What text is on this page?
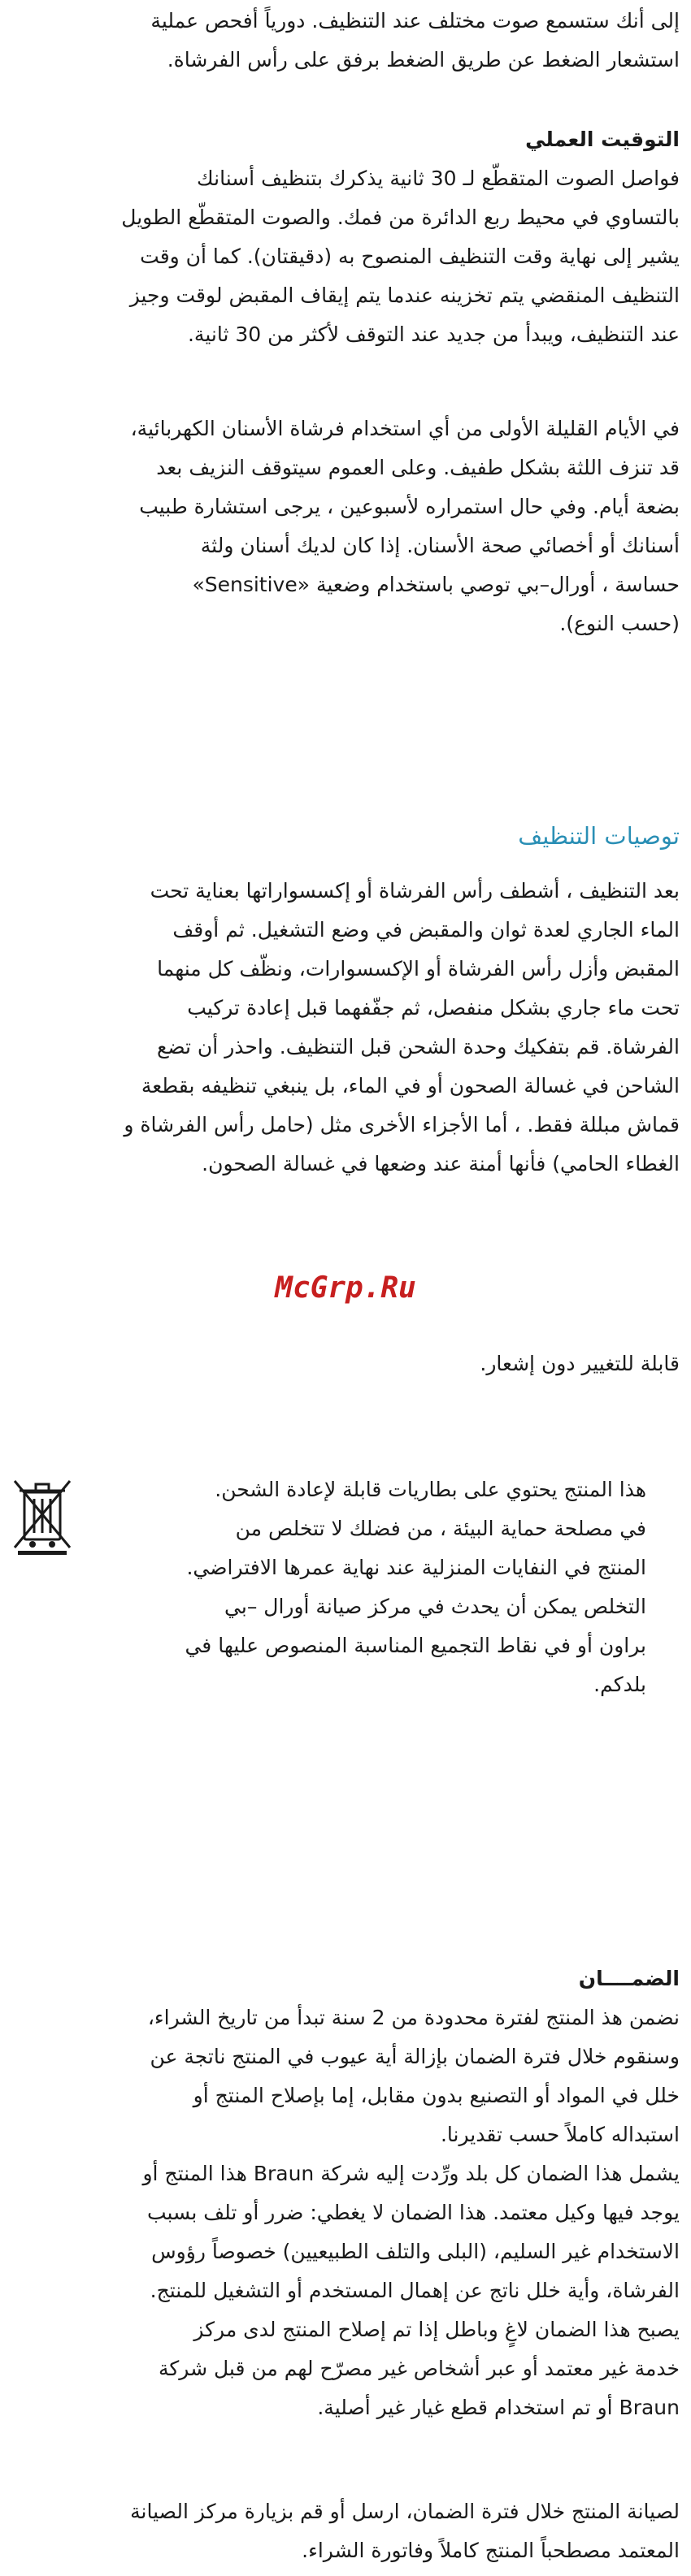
إلى أنك ستسمع صوت مختلف عند التنظيف. دورياً أفحص عملية

استشعار الضغط عن طريق الضغط برفق على رأس الفرشاة.

التوقيت العملي

فواصل الصوت المتقطّع لـ 30 ثانية يذكرك بتنظيف أسنانك

بالتساوي في محيط ربع الدائرة من فمك. والصوت المتقطّع الطويل

يشير إلى نهاية وقت التنظيف المنصوح به (دقيقتان). كما أن وقت

التنظيف المنقضي يتم تخزينه عندما يتم إيقاف المقبض لوقت وجيز

عند التنظيف، ويبدأ من جديد عند التوقف لأكثر من 30 ثانية.

في الأيام القليلة الأولى من أي استخدام فرشاة الأسنان الكهربائية،

قد تنزف اللثة بشكل طفيف. وعلى العموم سيتوقف النزيف بعد

بضعة أيام. وفي حال استمراره لأسبوعين ، يرجى استشارة طبيب

أسنانك أو أخصائي صحة الأسنان. إذا كان لديك أسنان ولثة

حساسة ، أورال–بي توصي باستخدام وضعية «Sensitive»

(حسب النوع).

توصيات التنظيف

بعد التنظيف ، أشطف رأس الفرشاة أو إكسسواراتها بعناية تحت

الماء الجاري لعدة ثوان والمقبض في وضع التشغيل. ثم أوقف

المقبض وأزل رأس الفرشاة أو الإكسسوارات، ونظّف كل منهما

تحت ماء جاري بشكل منفصل، ثم جفّفهما قبل إعادة تركيب

الفرشاة. قم بتفكيك وحدة الشحن قبل التنظيف. واحذر أن تضع

الشاحن في غسالة الصحون أو في الماء، بل ينبغي تنظيفه بقطعة

قماش مبللة فقط. ، أما الأجزاء الأخرى مثل (حامل رأس الفرشاة و

الغطاء الحامي) فأنها أمنة عند وضعها في غسالة الصحون.

McGrp.Ru

قابلة للتغيير دون إشعار.

هذا المنتج يحتوي على بطاريات قابلة لإعادة الشحن.

في مصلحة حماية البيئة ، من فضلك لا تتخلص من

المنتج في النفايات المنزلية عند نهاية عمرها الافتراضي.

التخلص يمكن أن يحدث في مركز صيانة أورال –بي

براون أو في نقاط التجميع المناسبة المنصوص عليها في

بلدكم.

الضمــــان

نضمن هذ المنتج لفترة محدودة من 2 سنة تبدأ من تاريخ الشراء،

وسنقوم خلال فترة الضمان بإزالة أية عيوب في المنتج ناتجة عن

خلل في المواد أو التصنيع بدون مقابل، إما بإصلاح المنتج أو

استبداله كاملاً حسب تقديرنا.

يشمل هذا الضمان كل بلد ورِّدت إليه شركة Braun هذا المنتج أو

يوجد فيها وكيل معتمد. هذا الضمان لا يغطي: ضرر أو تلف بسبب

الاستخدام غير السليم، (البلى والتلف الطبيعيين) خصوصاً رؤوس

الفرشاة، وأية خلل ناتج عن إهمال المستخدم أو التشغيل للمنتج.

يصبح هذا الضمان لاغٍ وباطل إذا تم إصلاح المنتج لدى مركز

خدمة غير معتمد أو عبر أشخاص غير مصرّح لهم من قبل شركة

Braun أو تم استخدام قطع غيار غير أصلية.

لصيانة المنتج خلال فترة الضمان، ارسل أو قم بزيارة مركز الصيانة

المعتمد مصطحباً المنتج كاملاً وفاتورة الشراء.
